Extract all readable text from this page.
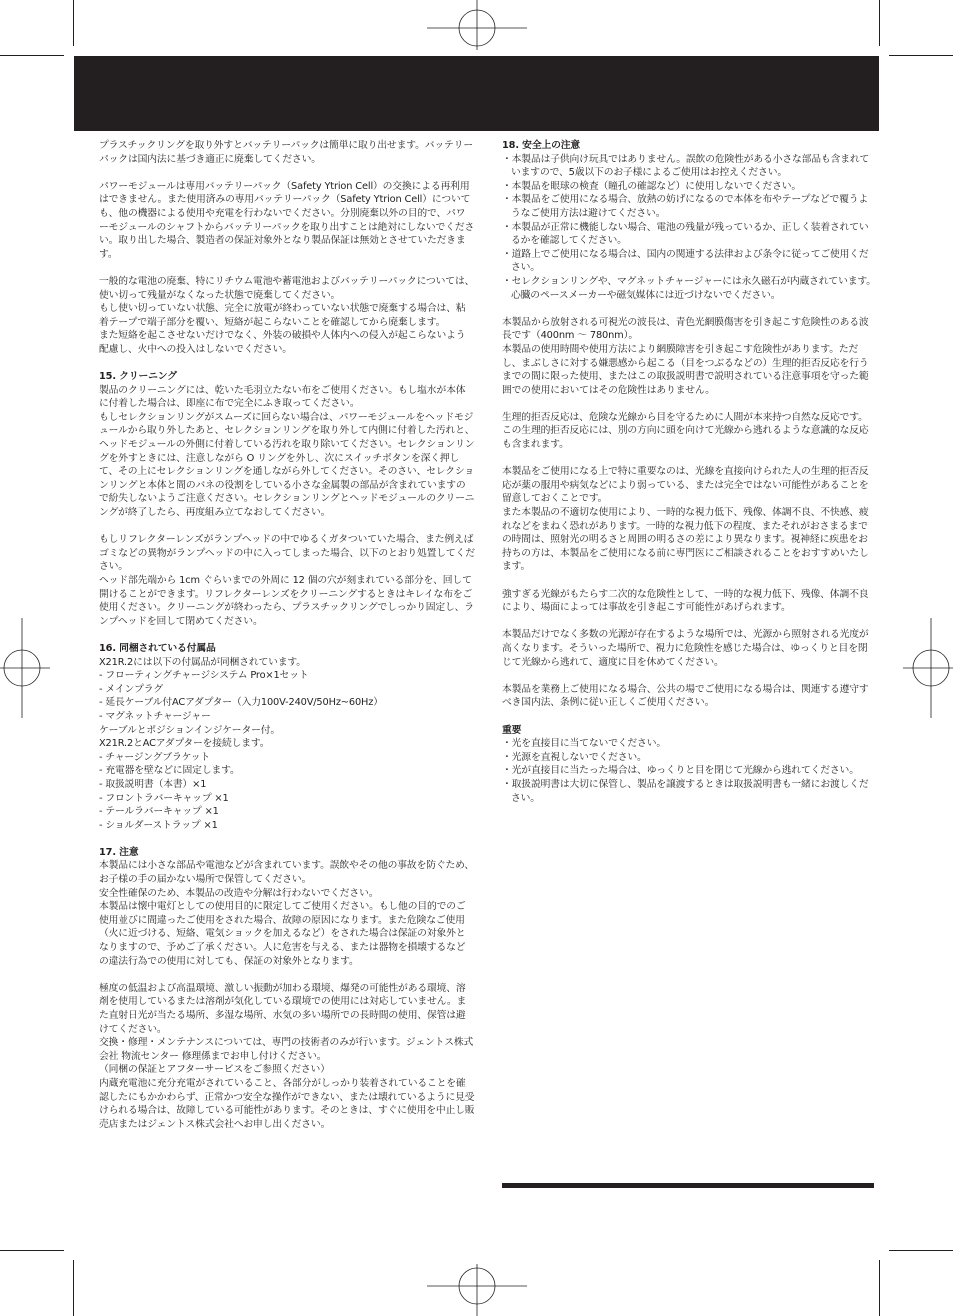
プラスチックリングを取り外すとバッテリーパックは簡単に取り出せます。バッテリーパックは国内法に基づき適正に廃棄してください。

パワーモジュールは専用バッテリーパック（Safety Ytrion Cell）の交換による再利用はできません。また使用済みの専用バッテリーパック（Safety Ytrion Cell）についても、他の機器による使用や充電を行わないでください。分別廃棄以外の目的で、パワーモジュールのシャフトからバッテリーパックを取り出すことは絶対にしないでください。取り出した場合、製造者の保証対象外となり製品保証は無効とさせていただきます。

一般的な電池の廃棄、特にリチウム電池や蓄電池およびバッテリーパックについては、使い切って残量がなくなった状態で廃棄してください。
もし使い切っていない状態、完全に放電が終わっていない状態で廃棄する場合は、粘着テープで端子部分を覆い、短絡が起こらないことを確認してから廃棄します。
また短絡を起こさせないだけでなく、外装の破損や人体内への侵入が起こらないよう配慮し、火中への投入はしないでください。

15. クリーニング

製品のクリーニングには、乾いた毛羽立たない布をご使用ください。もし塩水が本体に付着した場合は、即座に布で完全にふき取ってください。
もしセレクションリングがスムーズに回らない場合は、パワーモジュールをヘッドモジュールから取り外したあと、セレクションリングを取り外して内側に付着した汚れと、ヘッドモジュールの外側に付着している汚れを取り除いてください。セレクションリングを外すときには、注意しながら O リングを外し、次にスイッチボタンを深く押して、その上にセレクションリングを通しながら外してください。そのさい、セレクションリングと本体と間のバネの役割をしている小さな金属製の部品が含まれていますので紛失しないようご注意ください。セレクションリングとヘッドモジュールのクリーニングが終了したら、再度組み立てなおしてください。

もしリフレクターレンズがランプヘッドの中でゆるくガタついていた場合、また例えばゴミなどの異物がランプヘッドの中に入ってしまった場合、以下のとおり処置してください。
ヘッド部先端から 1cm ぐらいまでの外周に 12 個の穴が刻まれている部分を、回して開けることができます。リフレクターレンズをクリーニングするときはキレイな布をご使用ください。クリーニングが終わったら、プラスチックリングでしっかり固定し、ランプヘッドを回して閉めてください。

16. 同梱されている付属品
X21R.2には以下の付属品が同梱されています。
- フローティングチャージシステム Pro×1セット
- メインプラグ
- 延長ケーブル付ACアダプター（入力100V-240V/50Hz~60Hz）
- マグネットチャージャー
ケーブルとポジションインジケーター付。
X21R.2とACアダプターを接続します。
- チャージングブラケット
- 充電器を壁などに固定します。
- 取扱説明書（本書）×1
- フロントラバーキャップ ×1
- テールラバーキャップ ×1
- ショルダーストラップ ×1
17. 注意

本製品には小さな部品や電池などが含まれています。誤飲やその他の事故を防ぐため、お子様の手の届かない場所で保管してください。
安全性確保のため、本製品の改造や分解は行わないでください。
本製品は懐中電灯としての使用目的に限定してご使用ください。もし他の目的でのご使用並びに間違ったご使用をされた場合、故障の原因になります。また危険なご使用（火に近づける、短絡、電気ショックを加えるなど）をされた場合は保証の対象外となりますので、予めご了承ください。人に危害を与える、または器物を損壊するなどの違法行為での使用に対しても、保証の対象外となります。

極度の低温および高温環境、激しい振動が加わる環境、爆発の可能性がある環境、溶剤を使用しているまたは溶剤が気化している環境での使用には対応していません。また直射日光が当たる場所、多湿な場所、水気の多い場所での長時間の使用、保管は避けてください。
交換・修理・メンテナンスについては、専門の技術者のみが行います。ジェントス株式会社 物流センター 修理係までお申し付けください。
（同梱の保証とアフターサービスをご参照ください）
内蔵充電池に充分充電がされていること、各部分がしっかり装着されていることを確認したにもかかわらず、正常かつ安全な操作ができない、または壊れているように見受けられる場合は、故障している可能性があります。そのときは、すぐに使用を中止し販売店またはジェントス株式会社へお申し出ください。

18. 安全上の注意
・本製品は子供向け玩具ではありません。誤飲の危険性がある小さな部品も含まれていますので、5歳以下のお子様によるご使用はお控えください。
・本製品を眼球の検査（瞳孔の確認など）に使用しないでください。
・本製品をご使用になる場合、放熱の妨げになるので本体を布やテープなどで覆うようなご使用方法は避けてください。
・本製品が正常に機能しない場合、電池の残量が残っているか、正しく装着されているかを確認してください。
・道路上でご使用になる場合は、国内の関連する法律および条令に従ってご使用ください。
・セレクションリングや、マグネットチャージャーには永久磁石が内蔵されています。心臓のペースメーカーや磁気媒体には近づけないでください。

本製品から放射される可視光の波長は、青色光網膜傷害を引き起こす危険性のある波長です（400nm ～ 780nm）。
本製品の使用時間や使用方法により網膜障害を引き起こす危険性があります。ただし、まぶしさに対する嫌悪感から起こる（目をつぶるなどの）生理的拒否反応を行うまでの間に限った使用、またはこの取扱説明書で説明されている注意事項を守った範囲での使用においてはその危険性はありません。

生理的拒否反応は、危険な光線から目を守るために人間が本来持つ自然な反応です。この生理的拒否反応には、別の方向に頭を向けて光線から逃れるような意識的な反応も含まれます。

本製品をご使用になる上で特に重要なのは、光線を直接向けられた人の生理的拒否反応が薬の服用や病気などにより弱っている、または完全ではない可能性があることを留意しておくことです。
また本製品の不適切な使用により、一時的な視力低下、残像、体調不良、不快感、疲れなどをまねく恐れがあります。一時的な視力低下の程度、またそれがおさまるまでの時間は、照射光の明るさと周囲の明るさの差により異なります。視神経に疾患をお持ちの方は、本製品をご使用になる前に専門医にご相談されることをおすすめいたします。

強すぎる光線がもたらす二次的な危険性として、一時的な視力低下、残像、体調不良により、場面によっては事故を引き起こす可能性があげられます。

本製品だけでなく多数の光源が存在するような場所では、光源から照射される光度が高くなります。そういった場所で、視力に危険性を感じた場合は、ゆっくりと目を閉じて光線から逃れて、適度に目を休めてください。

本製品を業務上ご使用になる場合、公共の場でご使用になる場合は、関連する遵守すべき国内法、条例に従い正しくご使用ください。

重要
・光を直接目に当てないでください。
・光源を直視しないでください。
・光が直接目に当たった場合は、ゆっくりと目を閉じて光線から逃れてください。
・取扱説明書は大切に保管し、製品を譲渡するときは取扱説明書も一緒にお渡しください。
